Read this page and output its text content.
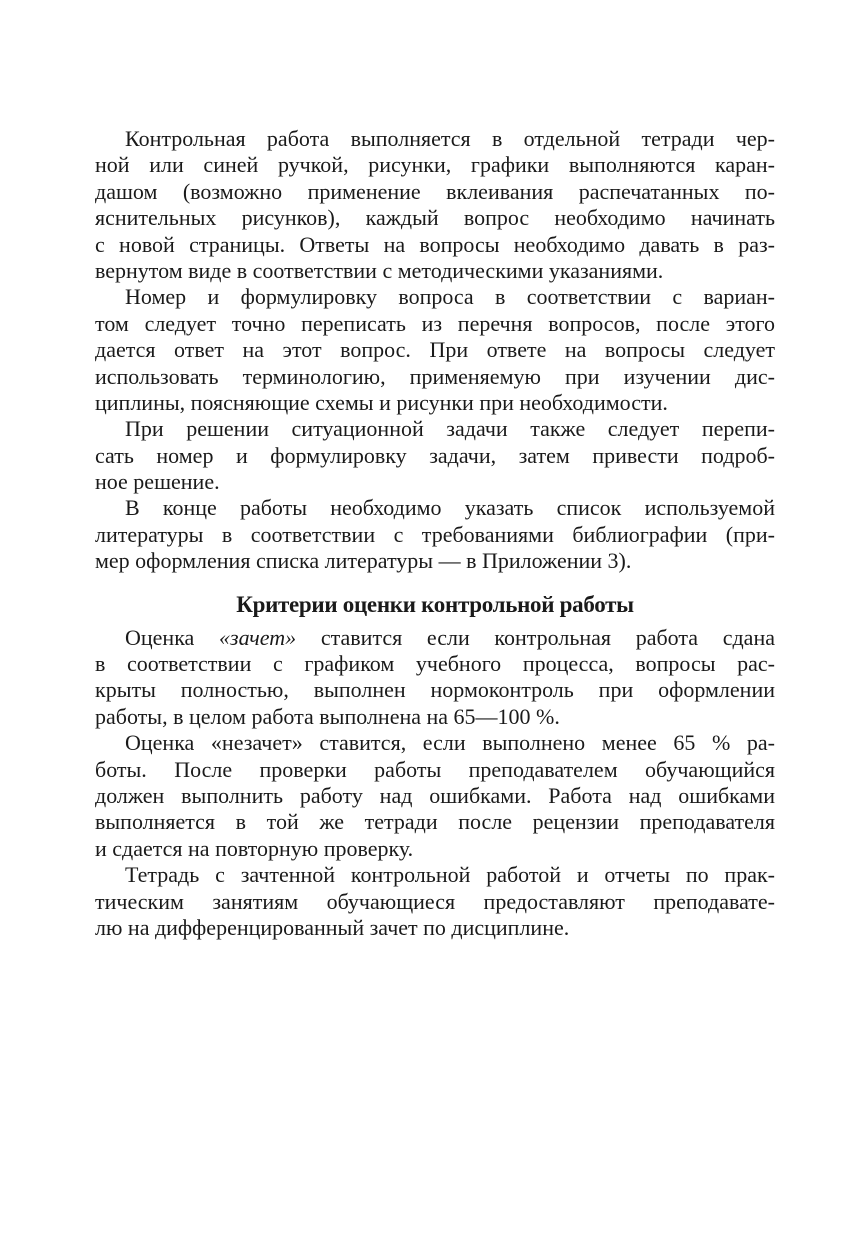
Контрольная работа выполняется в отдельной тетради чер-
ной или синей ручкой, рисунки, графики выполняются каран-
дашом (возможно применение вклеивания распечатанных по-
яснительных рисунков), каждый вопрос необходимо начинать
с новой страницы. Ответы на вопросы необходимо давать в раз-
вернутом виде в соответствии с методическими указаниями.
Номер и формулировку вопроса в соответствии с вариан-
том следует точно переписать из перечня вопросов, после этого
дается ответ на этот вопрос. При ответе на вопросы следует
использовать терминологию, применяемую при изучении дис-
циплины, поясняющие схемы и рисунки при необходимости.
При решении ситуационной задачи также следует перепи-
сать номер и формулировку задачи, затем привести подроб-
ное решение.
В конце работы необходимо указать список используемой
литературы в соответствии с требованиями библиографии (при-
мер оформления списка литературы — в Приложении 3).
Критерии оценки контрольной работы
Оценка «зачет» ставится если контрольная работа сдана
в соответствии с графиком учебного процесса, вопросы рас-
крыты полностью, выполнен нормоконтроль при оформлении
работы, в целом работа выполнена на 65—100 %.
Оценка «незачет» ставится, если выполнено менее 65 % ра-
боты. После проверки работы преподавателем обучающийся
должен выполнить работу над ошибками. Работа над ошибками
выполняется в той же тетради после рецензии преподавателя
и сдается на повторную проверку.
Тетрадь с зачтенной контрольной работой и отчеты по прак-
тическим занятиям обучающиеся предоставляют преподавате-
лю на дифференцированный зачет по дисциплине.
